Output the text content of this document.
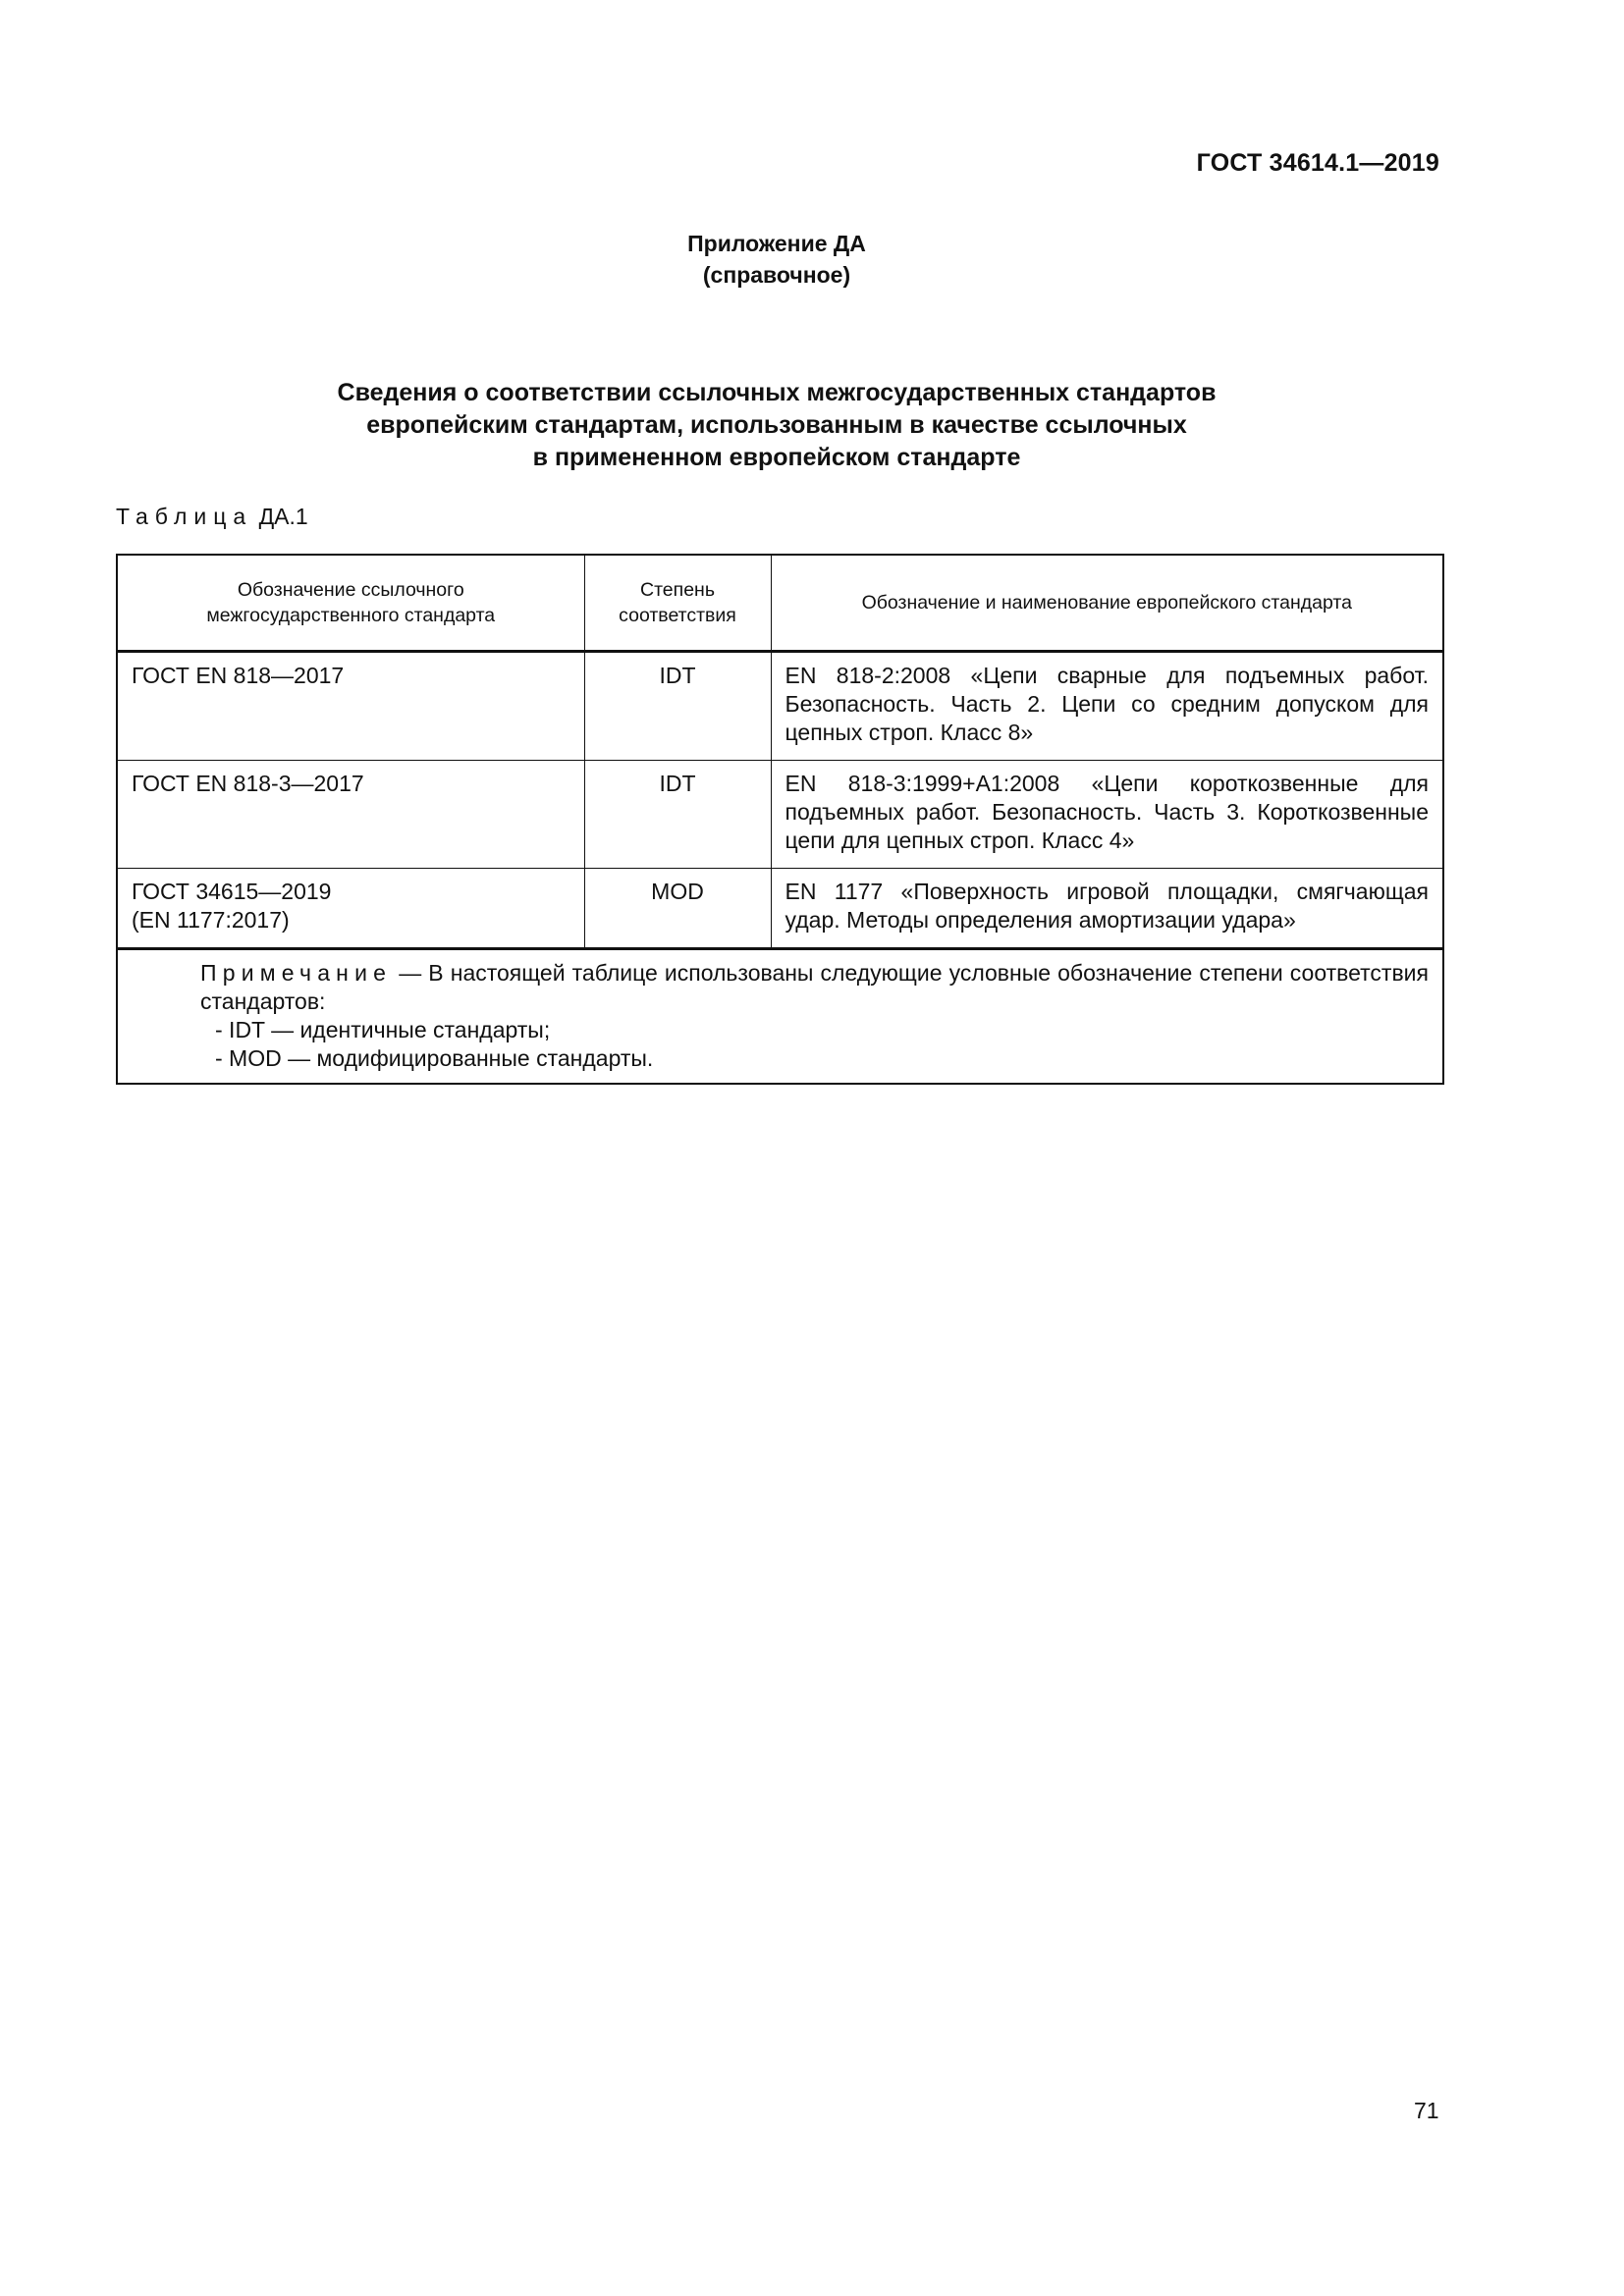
ГОСТ 34614.1—2019
Приложение ДА
(справочное)
Сведения о соответствии ссылочных межгосударственных стандартов
европейским стандартам, использованным в качестве ссылочных
в примененном европейском стандарте
Таблица ДА.1
Обозначение ссылочного межгосударственного стандарта	Степень соответствия	Обозначение и наименование европейского стандарта

ГОСТ EN 818—2017	IDT	EN 818-2:2008 «Цепи сварные для подъемных работ. Безопасность. Часть 2. Цепи со средним допуском для цепных строп. Класс 8»

ГОСТ EN 818-3—2017	IDT	EN 818-3:1999+A1:2008 «Цепи короткозвенные для подъемных работ. Безопасность. Часть 3. Короткозвенные цепи для цепных строп. Класс 4»

ГОСТ 34615—2019
(EN 1177:2017)	MOD	EN 1177 «Поверхность игровой площадки, смягчающая удар. Методы определения амортизации удара»

Примечание — В настоящей таблице использованы следующие условные обозначение степени соответствия стандартов:
- IDT — идентичные стандарты;
- MOD — модифицированные стандарты.		
71
